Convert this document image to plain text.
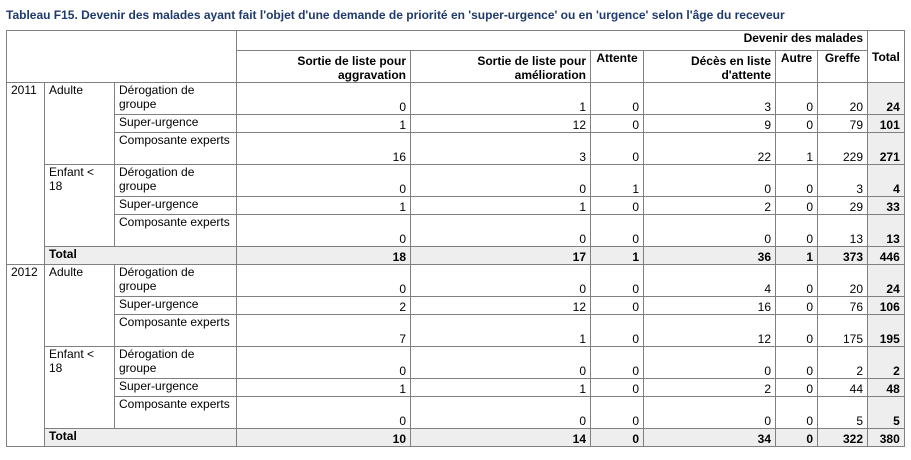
Tableau F15. Devenir des malades ayant fait l'objet d'une demande de priorité en 'super-urgence' ou en 'urgence' selon l'âge du receveur
			Devenir des malades						Total
			Sortie de liste pour aggravation	Sortie de liste pour amélioration	Attente	Décès en liste d'attente	Autre	Greffe	
2011	Adulte	Dérogation de groupe	0	1	0	3	0	20	24
		Super-urgence	1	12	0	9	0	79	101
		Composante experts	16	3	0	22	1	229	271
	Enfant < 18	Dérogation de groupe	0	0	1	0	0	3	4
		Super-urgence	1	1	0	2	0	29	33
		Composante experts	0	0	0	0	0	13	13
	Total		18	17	1	36	1	373	446
2012	Adulte	Dérogation de groupe	0	0	0	4	0	20	24
		Super-urgence	2	12	0	16	0	76	106
		Composante experts	7	1	0	12	0	175	195
	Enfant < 18	Dérogation de groupe	0	0	0	0	0	2	2
		Super-urgence	1	1	0	2	0	44	48
		Composante experts	0	0	0	0	0	5	5
	Total		10	14	0	34	0	322	380
